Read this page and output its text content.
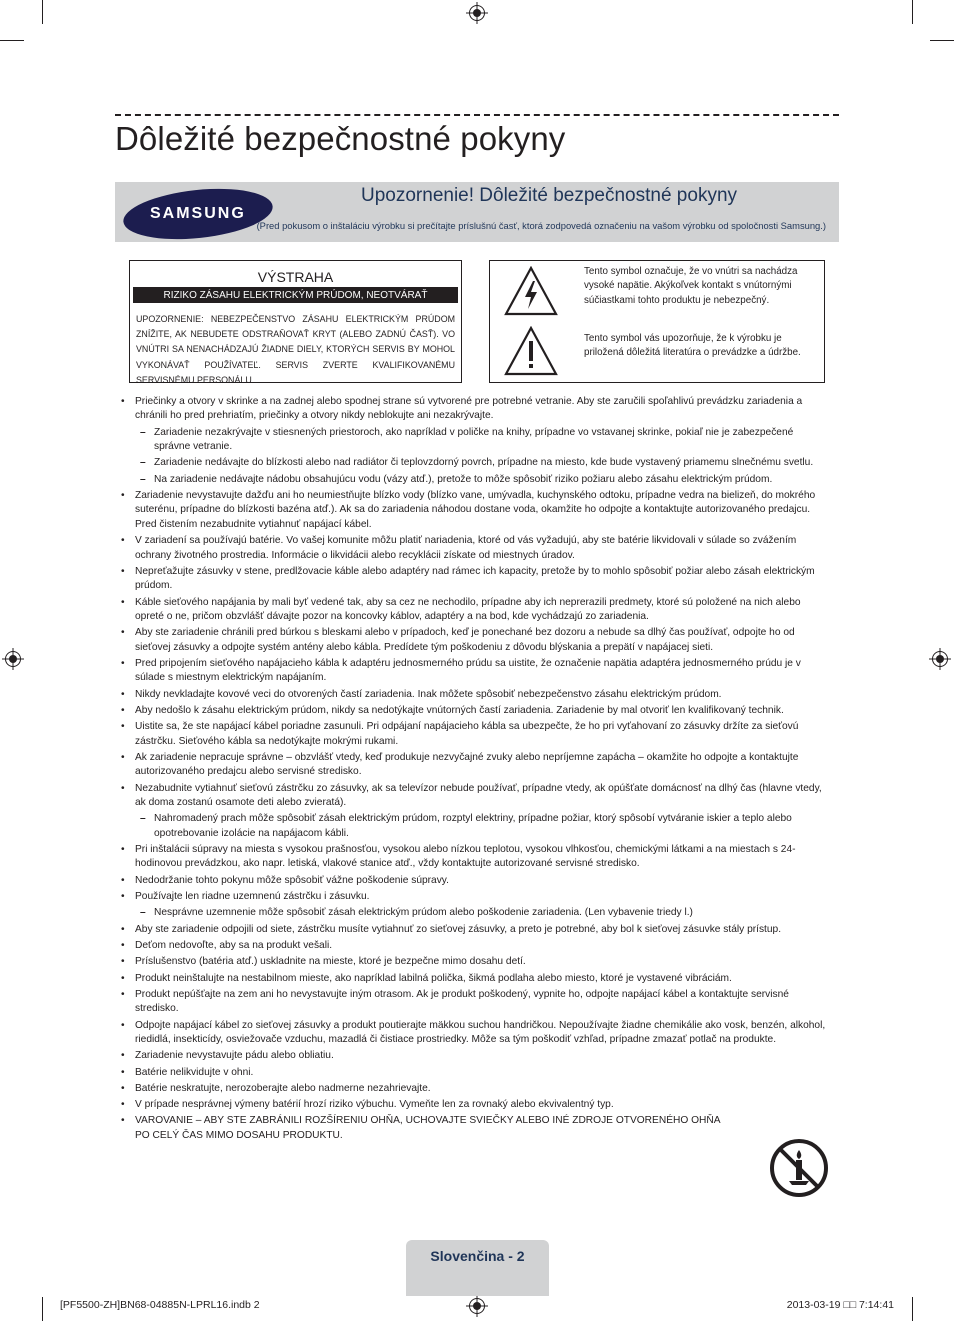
Dôležité bezpečnostné pokyny
SAMSUNG
Upozornenie! Dôležité bezpečnostné pokyny
(Pred pokusom o inštaláciu výrobku si prečítajte príslušnú časť, ktorá zodpovedá označeniu na vašom výrobku od spoločnosti Samsung.)
VÝSTRAHA
RIZIKO ZÁSAHU ELEKTRICKÝM PRÚDOM, NEOTVÁRAŤ
UPOZORNENIE: NEBEZPEČENSTVO ZÁSAHU ELEKTRICKÝM PRÚDOM ZNÍŽITE, AK NEBUDETE ODSTRAŇOVAŤ KRYT (ALEBO ZADNÚ ČASŤ). VO VNÚTRI SA NENACHÁDZAJÚ ŽIADNE DIELY, KTORÝCH SERVIS BY MOHOL VYKONÁVAŤ POUŽÍVATEĽ. SERVIS ZVERTE KVALIFIKOVANÉMU SERVISNÉMU PERSONÁLU.
Tento symbol označuje, že vo vnútri sa nachádza vysoké napätie. Akýkoľvek kontakt s vnútornými súčiastkami tohto produktu je nebezpečný.
Tento symbol vás upozorňuje, že k výrobku je priložená dôležitá literatúra o prevádzke a údržbe.
• Priečinky a otvory v skrinke a na zadnej alebo spodnej strane sú vytvorené pre potrebné vetranie. Aby ste zaručili spoľahlivú prevádzku zariadenia a chránili ho pred prehriatím, priečinky a otvory nikdy neblokujte ani nezakrývajte.
– Zariadenie nezakrývajte v stiesnených priestoroch, ako napríklad v poličke na knihy, prípadne vo vstavanej skrinke, pokiaľ nie je zabezpečené správne vetranie.
– Zariadenie nedávajte do blízkosti alebo nad radiátor či teplovzdorný povrch, prípadne na miesto, kde bude vystavený priamemu slnečnému svetlu.
– Na zariadenie nedávajte nádobu obsahujúcu vodu (vázy atď.), pretože to môže spôsobiť riziko požiaru alebo zásahu elektrickým prúdom.
• Zariadenie nevystavujte dažďu ani ho neumiestňujte blízko vody (blízko vane, umývadla, kuchynského odtoku, prípadne vedra na bielizeň, do mokrého suterénu, prípadne do blízkosti bazéna atď.). Ak sa do zariadenia náhodou dostane voda, okamžite ho odpojte a kontaktujte autorizovaného predajcu. Pred čistením nezabudnite vytiahnuť napájací kábel.
• V zariadení sa používajú batérie. Vo vašej komunite môžu platiť nariadenia, ktoré od vás vyžadujú, aby ste batérie likvidovali v súlade so zvážením ochrany životného prostredia. Informácie o likvidácii alebo recyklácii získate od miestnych úradov.
• Nepreťažujte zásuvky v stene, predlžovacie káble alebo adaptéry nad rámec ich kapacity, pretože by to mohlo spôsobiť požiar alebo zásah elektrickým prúdom.
• Káble sieťového napájania by mali byť vedené tak, aby sa cez ne nechodilo, prípadne aby ich neprerazili predmety, ktoré sú položené na nich alebo opreté o ne, pričom obzvlášť dávajte pozor na koncovky káblov, adaptéry a na bod, kde vychádzajú zo zariadenia.
• Aby ste zariadenie chránili pred búrkou s bleskami alebo v prípadoch, keď je ponechané bez dozoru a nebude sa dlhý čas používať, odpojte ho od sieťovej zásuvky a odpojte systém antény alebo kábla. Predídete tým poškodeniu z dôvodu blýskania a prepätí v napájacej sieti.
• Pred pripojením sieťového napájacieho kábla k adaptéru jednosmerného prúdu sa uistite, že označenie napätia adaptéra jednosmerného prúdu je v súlade s miestnym elektrickým napájaním.
• Nikdy nevkladajte kovové veci do otvorených častí zariadenia. Inak môžete spôsobiť nebezpečenstvo zásahu elektrickým prúdom.
• Aby nedošlo k zásahu elektrickým prúdom, nikdy sa nedotýkajte vnútorných častí zariadenia. Zariadenie by mal otvoriť len kvalifikovaný technik.
• Uistite sa, že ste napájací kábel poriadne zasunuli. Pri odpájaní napájacieho kábla sa ubezpečte, že ho pri vyťahovaní zo zásuvky držíte za sieťovú zástrčku. Sieťového kábla sa nedotýkajte mokrými rukami.
• Ak zariadenie nepracuje správne – obzvlášť vtedy, keď produkuje nezvyčajné zvuky alebo nepríjemne zapácha – okamžite ho odpojte a kontaktujte autorizovaného predajcu alebo servisné stredisko.
• Nezabudnite vytiahnuť sieťovú zástrčku zo zásuvky, ak sa televízor nebude používať, prípadne vtedy, ak opúšťate domácnosť na dlhý čas (hlavne vtedy, ak doma zostanú osamote deti alebo zvieratá).
– Nahromadený prach môže spôsobiť zásah elektrickým prúdom, rozptyl elektriny, prípadne požiar, ktorý spôsobí vytváranie iskier a teplo alebo opotrebovanie izolácie na napájacom kábli.
• Pri inštalácii súpravy na miesta s vysokou prašnosťou, vysokou alebo nízkou teplotou, vysokou vlhkosťou, chemickými látkami a na miestach s 24-hodinovou prevádzkou, ako napr. letiská, vlakové stanice atď., vždy kontaktujte autorizované servisné stredisko.
• Nedodržanie tohto pokynu môže spôsobiť vážne poškodenie súpravy.
• Používajte len riadne uzemnenú zástrčku i zásuvku.
– Nesprávne uzemnenie môže spôsobiť zásah elektrickým prúdom alebo poškodenie zariadenia. (Len vybavenie triedy l.)
• Aby ste zariadenie odpojili od siete, zástrčku musíte vytiahnuť zo sieťovej zásuvky, a preto je potrebné, aby bol k sieťovej zásuvke stály prístup.
• Deťom nedovoľte, aby sa na produkt vešali.
• Príslušenstvo (batéria atď.) uskladnite na mieste, ktoré je bezpečne mimo dosahu detí.
• Produkt neinštalujte na nestabilnom mieste, ako napríklad labilná polička, šikmá podlaha alebo miesto, ktoré je vystavené vibráciám.
• Produkt nepúšťajte na zem ani ho nevystavujte iným otrasom. Ak je produkt poškodený, vypnite ho, odpojte napájací kábel a kontaktujte servisné stredisko.
• Odpojte napájací kábel zo sieťovej zásuvky a produkt poutierajte mäkkou suchou handričkou. Nepoužívajte žiadne chemikálie ako vosk, benzén, alkohol, riedidlá, insekticídy, osviežovače vzduchu, mazadlá či čistiace prostriedky. Môže sa tým poškodiť vzhľad, prípadne zmazať potlač na produkte.
• Zariadenie nevystavujte pádu alebo obliatiu.
• Batérie nelikvidujte v ohni.
• Batérie neskratujte, nerozoberajte alebo nadmerne nezahrievajte.
• V prípade nesprávnej výmeny batérií hrozí riziko výbuchu. Vymeňte len za rovnaký alebo ekvivalentný typ.
• VAROVANIE – ABY STE ZABRÁNILI ROZŠÍRENIU OHŇA, UCHOVAJTE SVIEČKY ALEBO INÉ ZDROJE OTVORENÉHO OHŇA PO CELÝ ČAS MIMO DOSAHU PRODUKTU.
Slovenčina - 2
[PF5500-ZH]BN68-04885N-LPRL16.indb 2	2013-03-19 □□ 7:14:41
